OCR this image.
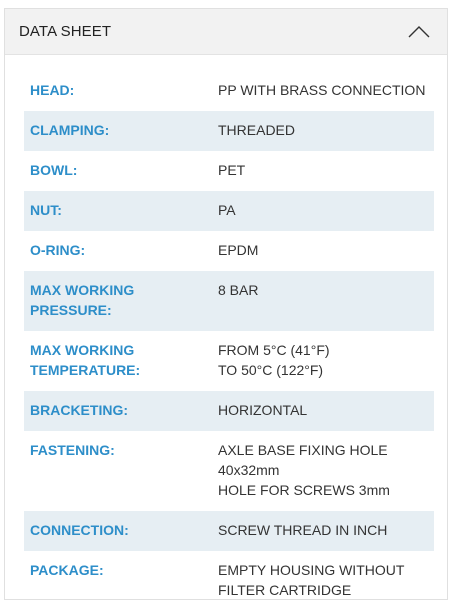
DATA SHEET
HEAD:	PP WITH BRASS CONNECTION

CLAMPING:	THREADED

BOWL:	PET

NUT:	PA

O-RING:	EPDM

MAX WORKING
PRESSURE:	8 BAR

MAX WORKING
TEMPERATURE:	FROM 5°C (41°F)
TO 50°C (122°F)

BRACKETING:	HORIZONTAL

FASTENING:	AXLE BASE FIXING HOLE
40x32mm
HOLE FOR SCREWS 3mm

CONNECTION:	SCREW THREAD IN INCH

PACKAGE:	EMPTY HOUSING WITHOUT
FILTER CARTRIDGE
